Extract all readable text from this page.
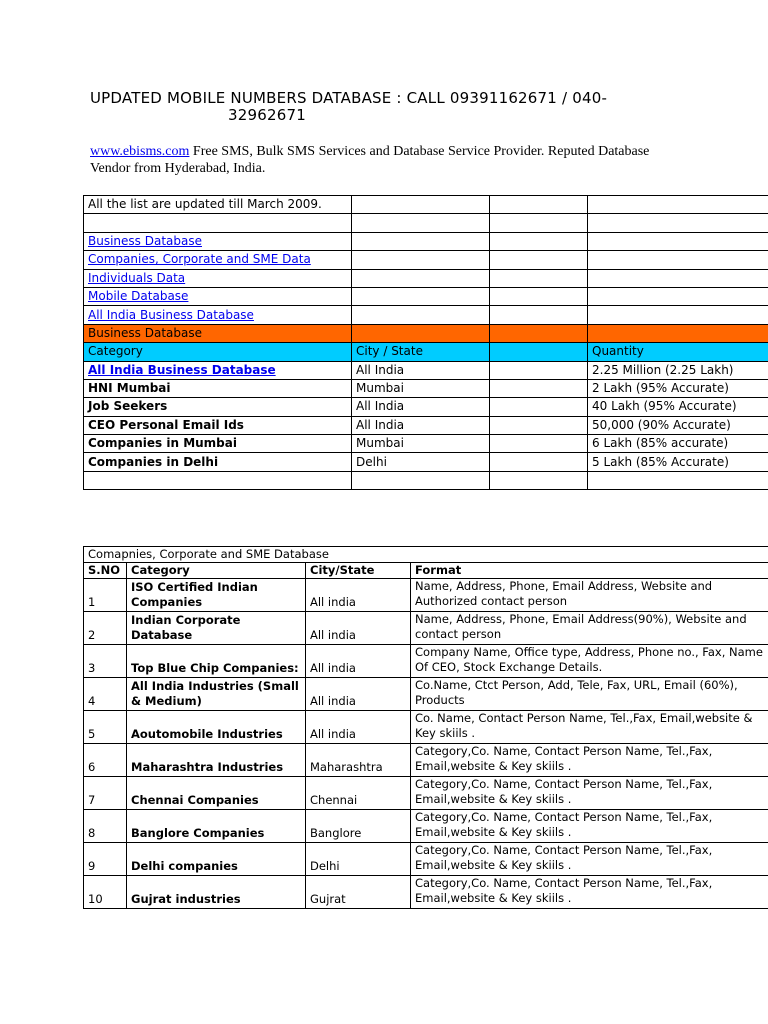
UPDATED MOBILE NUMBERS DATABASE : CALL 09391162671 / 040-
32962671
www.ebisms.com Free SMS, Bulk SMS Services and Database Service Provider. Reputed Database Vendor from Hyderabad, India.
All the list are updated till March 2009.			

Business Database			
Companies, Corporate and SME Data			
Individuals Data			
Mobile Database			
All India Business Database			
Business Database			
Category	City / State		Quantity
All India Business Database	All India		2.25 Million (2.25 Lakh)
HNI Mumbai	Mumbai		2 Lakh (95% Accurate)
Job Seekers	All India		40 Lakh (95% Accurate)
CEO Personal Email Ids	All India		50,000 (90% Accurate)
Companies in Mumbai	Mumbai		6 Lakh (85% accurate)
Companies in Delhi	Delhi		5 Lakh (85% Accurate)

Comapnies, Corporate and SME Database			
S.NO	Category	City/State	Format
1	ISO Certified Indian Companies	All india	Name, Address, Phone, Email Address, Website and Authorized contact person
2	Indian Corporate Database	All india	Name, Address, Phone, Email Address(90%), Website and contact person
3	Top Blue Chip Companies:	All india	Company Name, Office type, Address, Phone no., Fax, Name Of CEO, Stock Exchange Details.
4	All India Industries (Small & Medium)	All india	Co.Name, Ctct Person, Add, Tele, Fax, URL, Email (60%), Products
5	Aoutomobile Industries	All india	Co. Name, Contact Person Name, Tel.,Fax, Email,website & Key skiils .
6	Maharashtra Industries	Maharashtra	Category,Co. Name, Contact Person Name, Tel.,Fax, Email,website & Key skiils .
7	Chennai Companies	Chennai	Category,Co. Name, Contact Person Name, Tel.,Fax, Email,website & Key skiils .
8	Banglore Companies	Banglore	Category,Co. Name, Contact Person Name, Tel.,Fax, Email,website & Key skiils .
9	Delhi companies	Delhi	Category,Co. Name, Contact Person Name, Tel.,Fax, Email,website & Key skiils .
10	Gujrat industries	Gujrat	Category,Co. Name, Contact Person Name, Tel.,Fax, Email,website & Key skiils .
